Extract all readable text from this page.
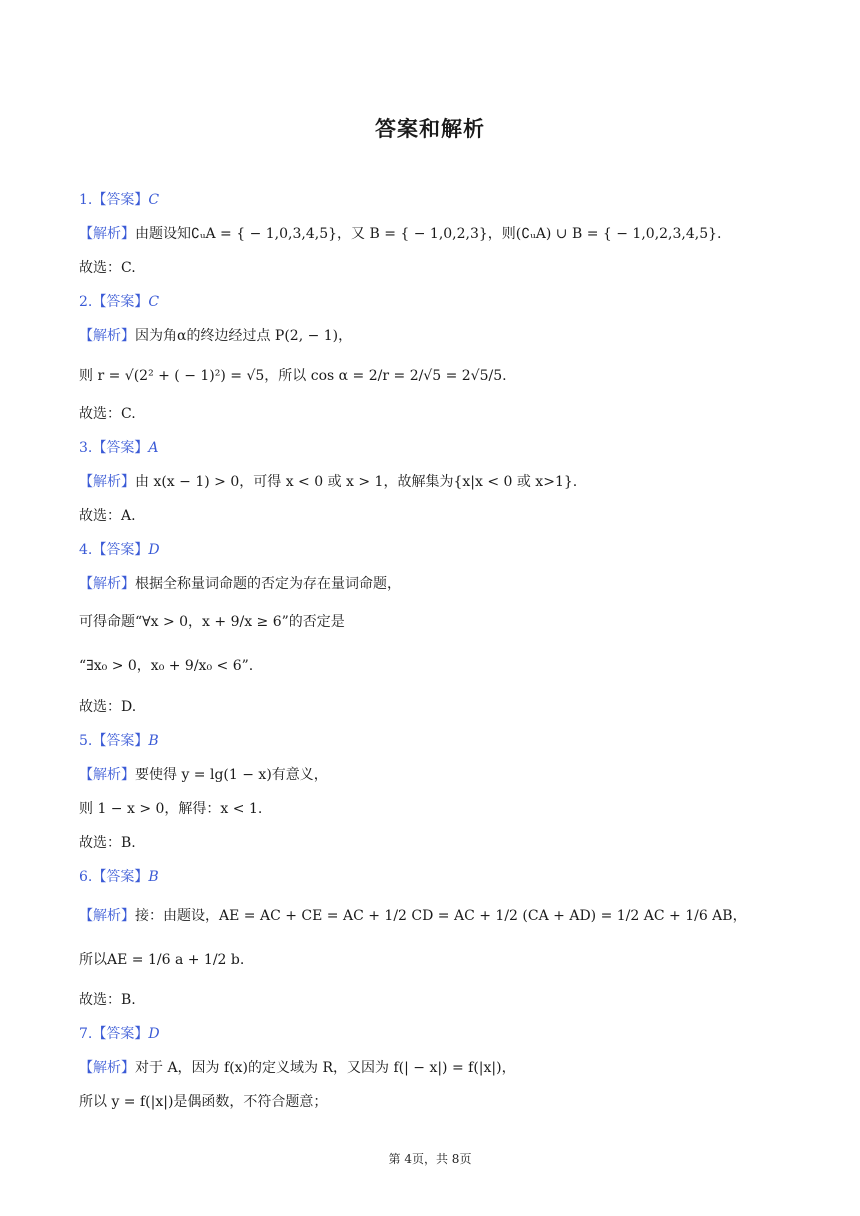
答案和解析
1.【答案】C
【解析】由题设知∁ᵤA = { − 1,0,3,4,5}，又 B = { − 1,0,2,3}，则(∁ᵤA) ∪ B = { − 1,0,2,3,4,5}.
故选：C.
2.【答案】C
【解析】因为角α的终边经过点 P(2, − 1)，
则 r = √(2² + ( − 1)²) = √5，所以 cos α = 2/r = 2/√5 = 2√5/5.
故选：C.
3.【答案】A
【解析】由 x(x − 1) > 0，可得 x < 0 或 x > 1，故解集为{x|x < 0 或 x>1}.
故选：A.
4.【答案】D
【解析】根据全称量词命题的否定为存在量词命题，
可得命题“∀x > 0，x + 9/x ≥ 6”的否定是
“∃x₀ > 0，x₀ + 9/x₀ < 6”.
故选：D.
5.【答案】B
【解析】要使得 y = lg(1 − x)有意义，
则 1 − x > 0，解得：x < 1.
故选：B.
6.【答案】B
【解析】接：由题设，AE = AC + CE = AC + 1/2 CD = AC + 1/2 (CA + AD) = 1/2 AC + 1/6 AB，
所以AE = 1/6 a + 1/2 b.
故选：B.
7.【答案】D
【解析】对于 A，因为 f(x)的定义域为 R，又因为 f(| − x|) = f(|x|)，
所以 y = f(|x|)是偶函数，不符合题意；
第 4页，共 8页
